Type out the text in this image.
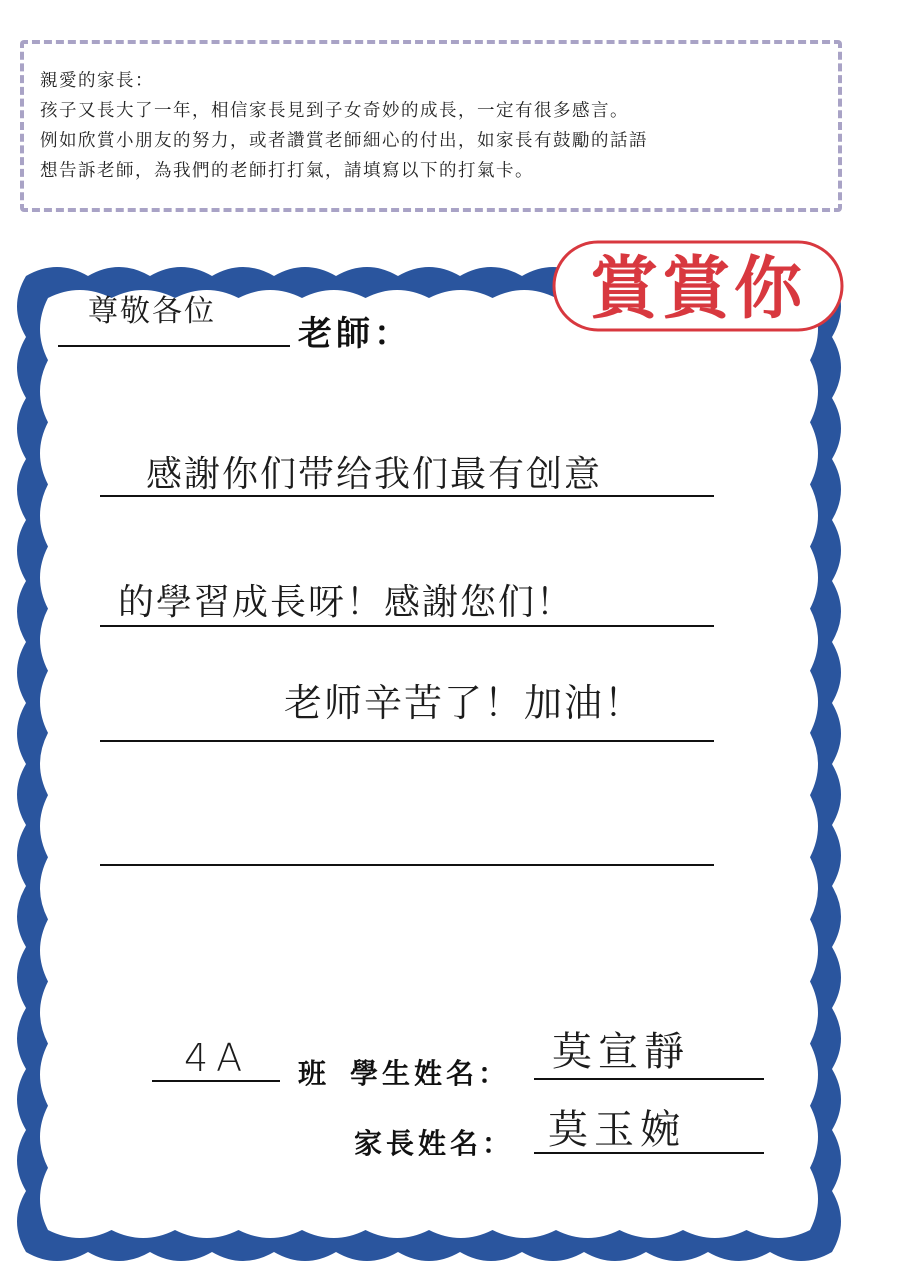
親愛的家長：

孩子又長大了一年，相信家長見到子女奇妙的成長，一定有很多感言。

例如欣賞小朋友的努力，或者讚賞老師細心的付出，如家長有鼓勵的話語

想告訴老師，為我們的老師打打氣，請填寫以下的打氣卡。

賞賞你
尊敬各位
老師：
感謝你们带给我们最有创意
的學習成長呀！感謝您们！
老师辛苦了！加油！
4A 班 學生姓名： 莫宣靜
家長姓名： 莫玉婉
